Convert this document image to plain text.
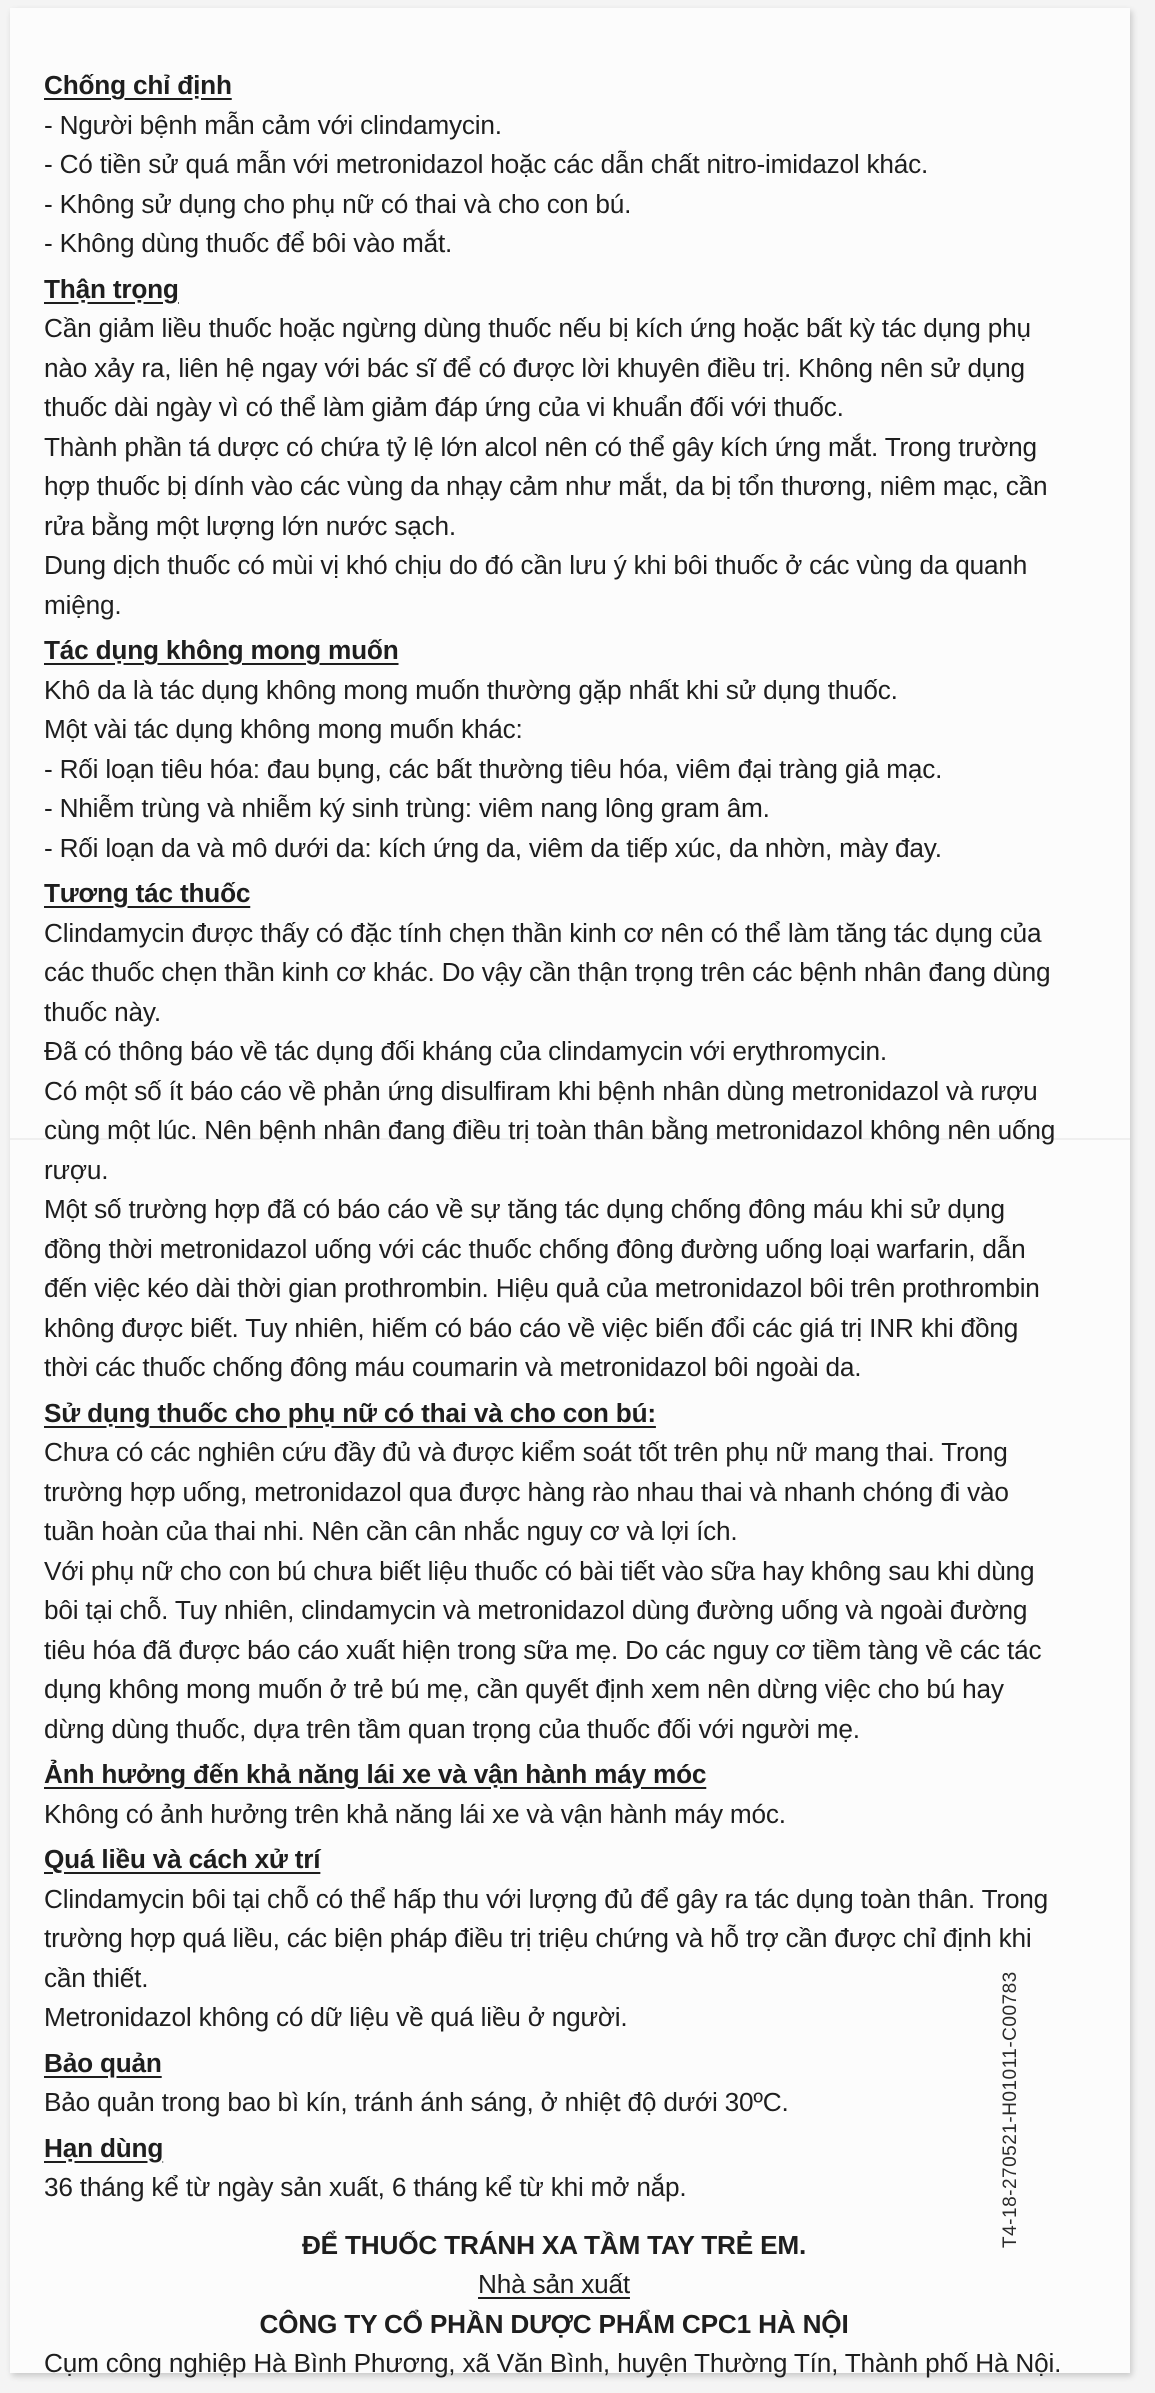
Chống chỉ định
- Người bệnh mẫn cảm với clindamycin.
- Có tiền sử quá mẫn với metronidazol hoặc các dẫn chất nitro-imidazol khác.
- Không sử dụng cho phụ nữ có thai và cho con bú.
- Không dùng thuốc để bôi vào mắt.
Thận trọng
Cần giảm liều thuốc hoặc ngừng dùng thuốc nếu bị kích ứng hoặc bất kỳ tác dụng phụ nào xảy ra, liên hệ ngay với bác sĩ để có được lời khuyên điều trị. Không nên sử dụng thuốc dài ngày vì có thể làm giảm đáp ứng của vi khuẩn đối với thuốc.
Thành phần tá dược có chứa tỷ lệ lớn alcol nên có thể gây kích ứng mắt. Trong trường hợp thuốc bị dính vào các vùng da nhạy cảm như mắt, da bị tổn thương, niêm mạc, cần rửa bằng một lượng lớn nước sạch.
Dung dịch thuốc có mùi vị khó chịu do đó cần lưu ý khi bôi thuốc ở các vùng da quanh miệng.
Tác dụng không mong muốn
Khô da là tác dụng không mong muốn thường gặp nhất khi sử dụng thuốc.
Một vài tác dụng không mong muốn khác:
- Rối loạn tiêu hóa: đau bụng, các bất thường tiêu hóa, viêm đại tràng giả mạc.
- Nhiễm trùng và nhiễm ký sinh trùng: viêm nang lông gram âm.
- Rối loạn da và mô dưới da: kích ứng da, viêm da tiếp xúc, da nhờn, mày đay.
Tương tác thuốc
Clindamycin được thấy có đặc tính chẹn thần kinh cơ nên có thể làm tăng tác dụng của các thuốc chẹn thần kinh cơ khác. Do vậy cần thận trọng trên các bệnh nhân đang dùng thuốc này.
Đã có thông báo về tác dụng đối kháng của clindamycin với erythromycin.
Có một số ít báo cáo về phản ứng disulfiram khi bệnh nhân dùng metronidazol và rượu cùng một lúc. Nên bệnh nhân đang điều trị toàn thân bằng metronidazol không nên uống rượu.
Một số trường hợp đã có báo cáo về sự tăng tác dụng chống đông máu khi sử dụng đồng thời metronidazol uống với các thuốc chống đông đường uống loại warfarin, dẫn đến việc kéo dài thời gian prothrombin. Hiệu quả của metronidazol bôi trên prothrombin không được biết. Tuy nhiên, hiếm có báo cáo về việc biến đổi các giá trị INR khi đồng thời các thuốc chống đông máu coumarin và metronidazol bôi ngoài da.
Sử dụng thuốc cho phụ nữ có thai và cho con bú:
Chưa có các nghiên cứu đầy đủ và được kiểm soát tốt trên phụ nữ mang thai. Trong trường hợp uống, metronidazol qua được hàng rào nhau thai và nhanh chóng đi vào tuần hoàn của thai nhi. Nên cần cân nhắc nguy cơ và lợi ích.
Với phụ nữ cho con bú chưa biết liệu thuốc có bài tiết vào sữa hay không sau khi dùng bôi tại chỗ. Tuy nhiên, clindamycin và metronidazol dùng đường uống và ngoài đường tiêu hóa đã được báo cáo xuất hiện trong sữa mẹ. Do các nguy cơ tiềm tàng về các tác dụng không mong muốn ở trẻ bú mẹ, cần quyết định xem nên dừng việc cho bú hay dừng dùng thuốc, dựa trên tầm quan trọng của thuốc đối với người mẹ.
Ảnh hưởng đến khả năng lái xe và vận hành máy móc
Không có ảnh hưởng trên khả năng lái xe và vận hành máy móc.
Quá liều và cách xử trí
Clindamycin bôi tại chỗ có thể hấp thu với lượng đủ để gây ra tác dụng toàn thân. Trong trường hợp quá liều, các biện pháp điều trị triệu chứng và hỗ trợ cần được chỉ định khi cần thiết.
Metronidazol không có dữ liệu về quá liều ở người.
Bảo quản
Bảo quản trong bao bì kín, tránh ánh sáng, ở nhiệt độ dưới 30ºC.
Hạn dùng
36 tháng kể từ ngày sản xuất, 6 tháng kể từ khi mở nắp.
ĐỂ THUỐC TRÁNH XA TẦM TAY TRẺ EM.
Nhà sản xuất
CÔNG TY CỔ PHẦN DƯỢC PHẨM CPC1 HÀ NỘI
Cụm công nghiệp Hà Bình Phương, xã Văn Bình, huyện Thường Tín, Thành phố Hà Nội.
T4-18-270521-H01011-C00783
